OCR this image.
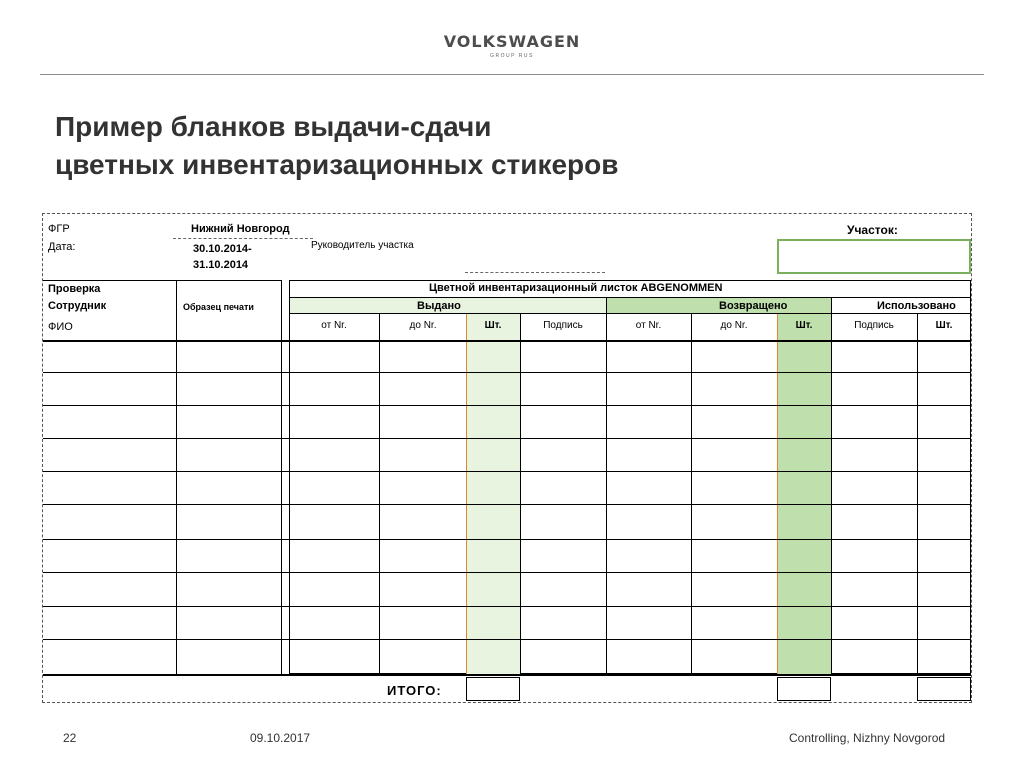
VOLKSWAGEN
GROUP RUS
Пример бланков выдачи-сдачи
цветных инвентаризационных стикеров
ФГР	Нижний Новгород
Дата:	30.10.2014-
31.10.2014
Руководитель участка
Участок:
Проверка
Сотрудник	Образец печати
ФИО
Цветной инвентаризационный листок ABGENOMMEN
Выдано	Возвращено	Использовано
от Nr.	до Nr.	Шт.	Подпись	от Nr.	до Nr.	Шт.	Подпись	Шт.
ИТОГО:
22	09.10.2017	Controlling, Nizhny Novgorod
